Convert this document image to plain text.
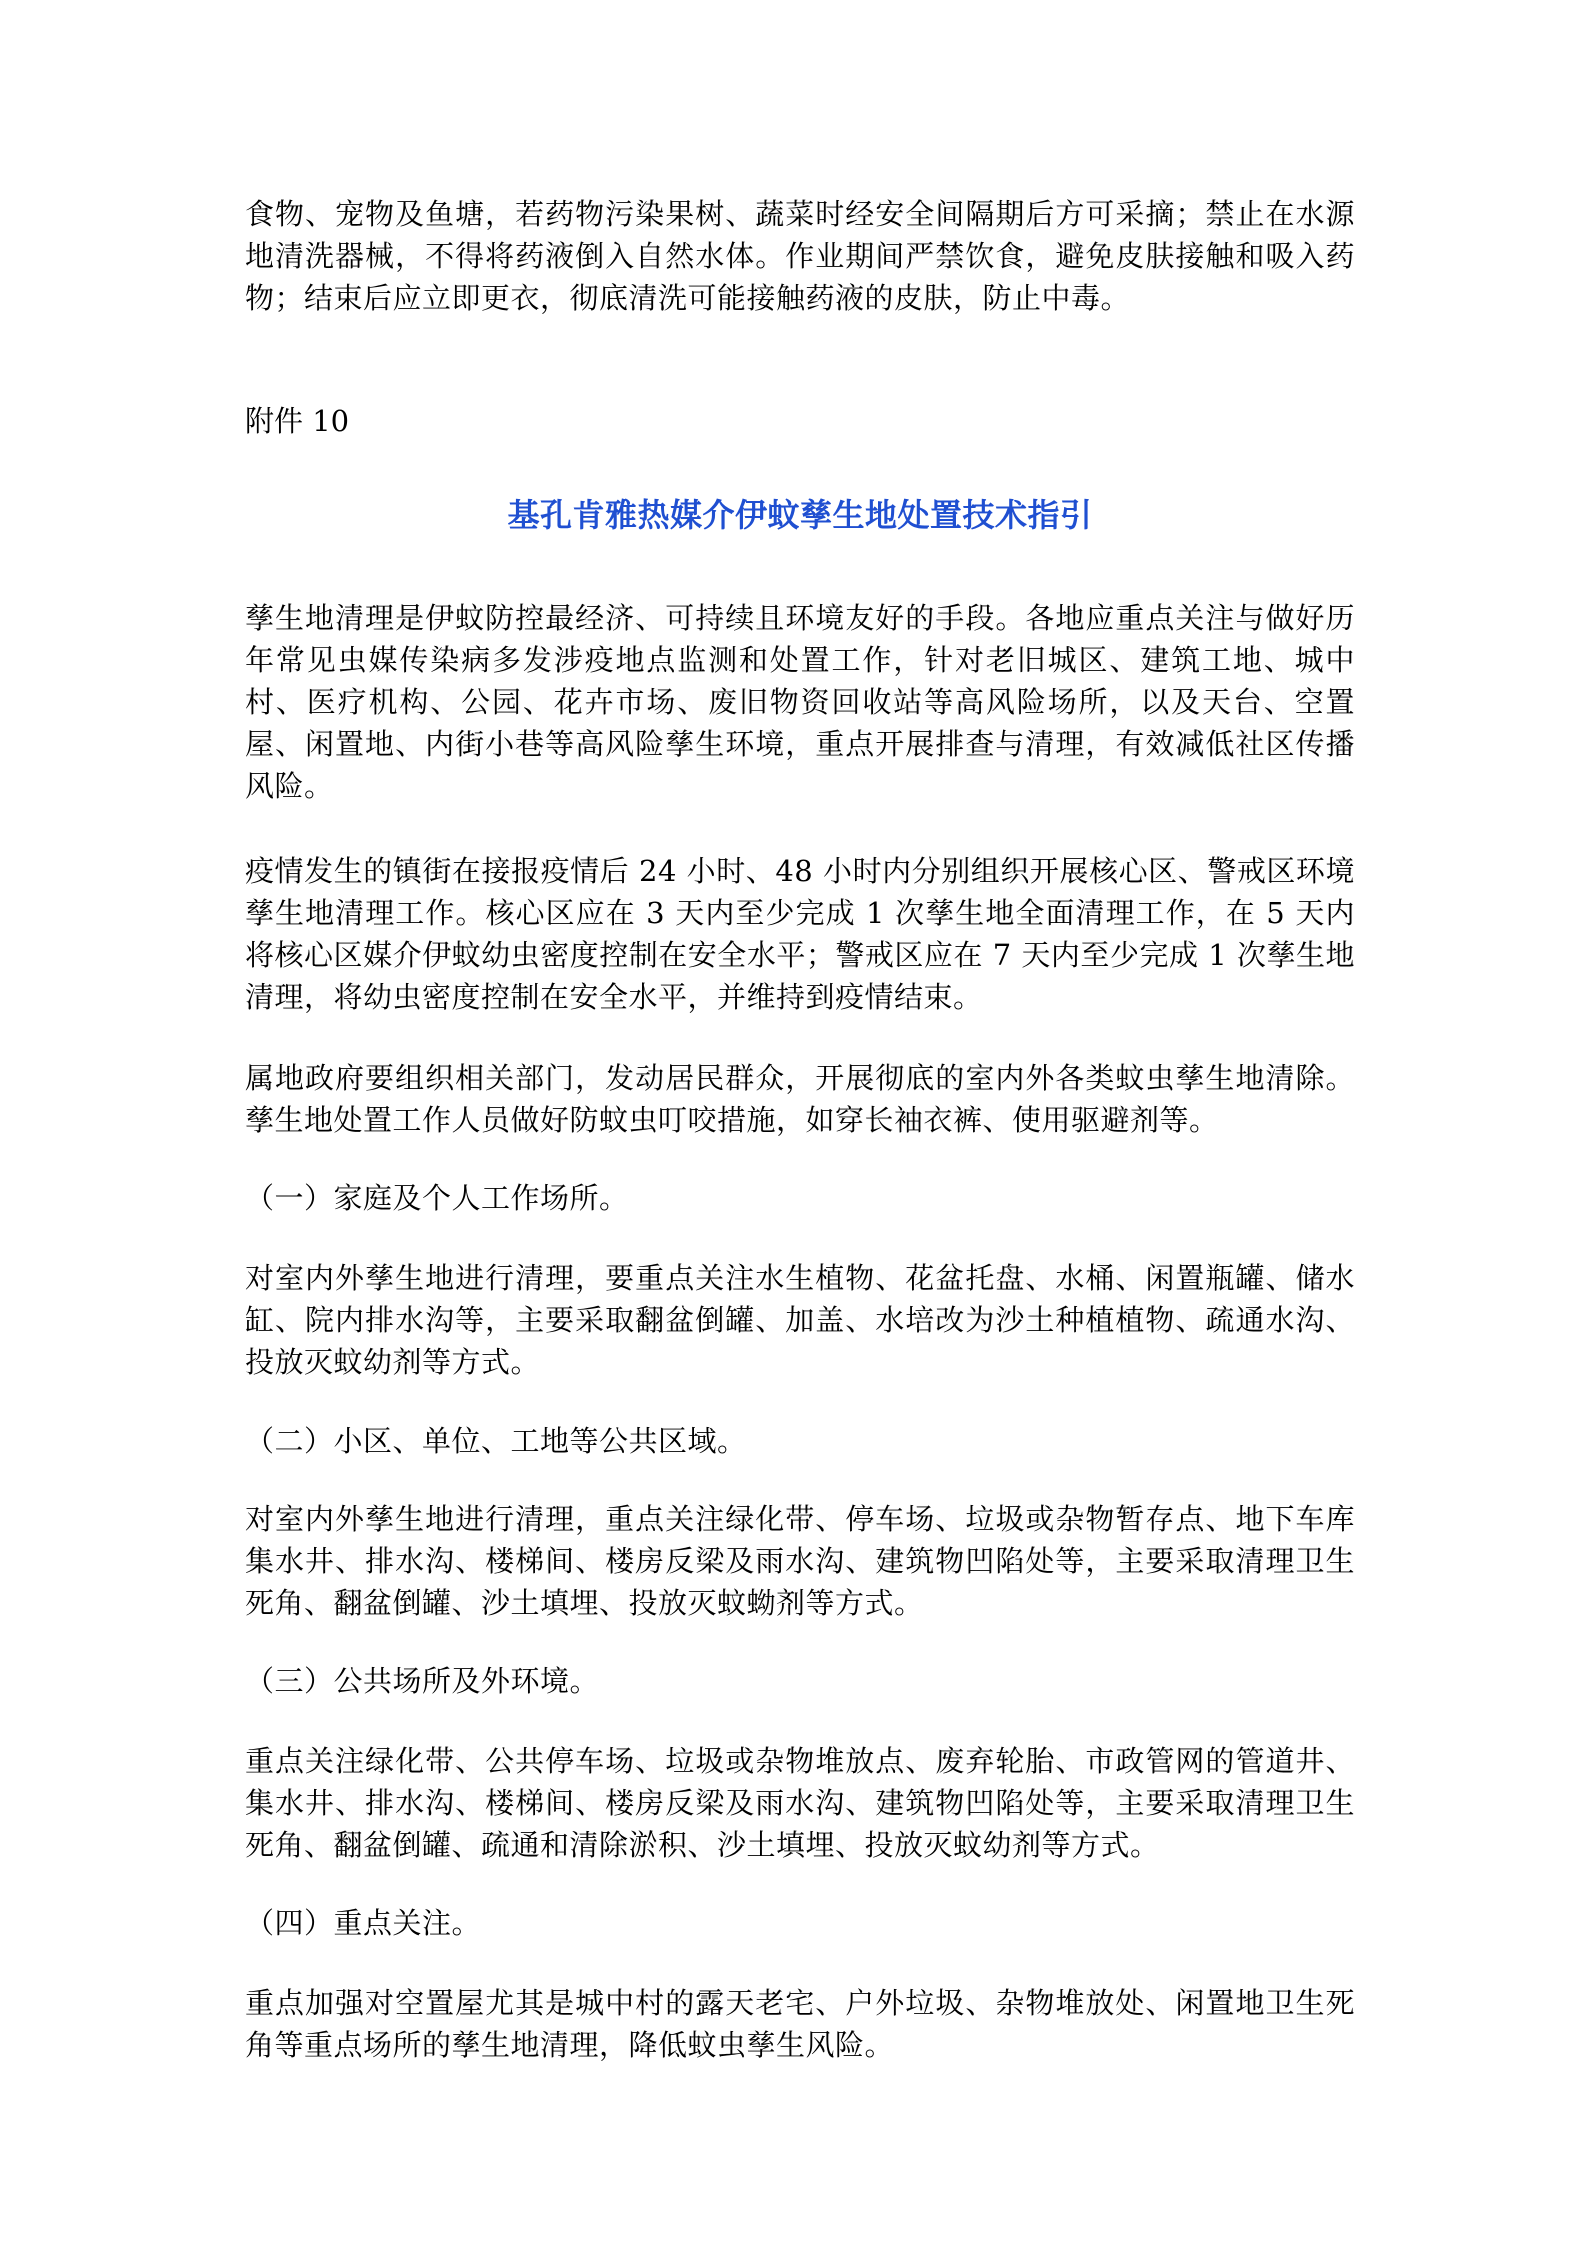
食物、宠物及鱼塘，若药物污染果树、蔬菜时经安全间隔期后方可采摘；禁止在水源地清洗器械，不得将药液倒入自然水体。作业期间严禁饮食，避免皮肤接触和吸入药物；结束后应立即更衣，彻底清洗可能接触药液的皮肤，防止中毒。

附件 10

基孔肯雅热媒介伊蚊孳生地处置技术指引

孳生地清理是伊蚊防控最经济、可持续且环境友好的手段。各地应重点关注与做好历年常见虫媒传染病多发涉疫地点监测和处置工作，针对老旧城区、建筑工地、城中村、医疗机构、公园、花卉市场、废旧物资回收站等高风险场所，以及天台、空置屋、闲置地、内街小巷等高风险孳生环境，重点开展排查与清理，有效减低社区传播风险。

疫情发生的镇街在接报疫情后 24 小时、48 小时内分别组织开展核心区、警戒区环境孳生地清理工作。核心区应在 3 天内至少完成 1 次孳生地全面清理工作，在 5 天内将核心区媒介伊蚊幼虫密度控制在安全水平；警戒区应在 7 天内至少完成 1 次孳生地清理，将幼虫密度控制在安全水平，并维持到疫情结束。

属地政府要组织相关部门，发动居民群众，开展彻底的室内外各类蚊虫孳生地清除。孳生地处置工作人员做好防蚊虫叮咬措施，如穿长袖衣裤、使用驱避剂等。

（一）家庭及个人工作场所。

对室内外孳生地进行清理，要重点关注水生植物、花盆托盘、水桶、闲置瓶罐、储水缸、院内排水沟等，主要采取翻盆倒罐、加盖、水培改为沙土种植植物、疏通水沟、投放灭蚊幼剂等方式。

（二）小区、单位、工地等公共区域。

对室内外孳生地进行清理，重点关注绿化带、停车场、垃圾或杂物暂存点、地下车库集水井、排水沟、楼梯间、楼房反梁及雨水沟、建筑物凹陷处等，主要采取清理卫生死角、翻盆倒罐、沙土填埋、投放灭蚊蚴剂等方式。

（三）公共场所及外环境。

重点关注绿化带、公共停车场、垃圾或杂物堆放点、废弃轮胎、市政管网的管道井、集水井、排水沟、楼梯间、楼房反梁及雨水沟、建筑物凹陷处等，主要采取清理卫生死角、翻盆倒罐、疏通和清除淤积、沙土填埋、投放灭蚊幼剂等方式。

（四）重点关注。

重点加强对空置屋尤其是城中村的露天老宅、户外垃圾、杂物堆放处、闲置地卫生死角等重点场所的孳生地清理，降低蚊虫孳生风险。
